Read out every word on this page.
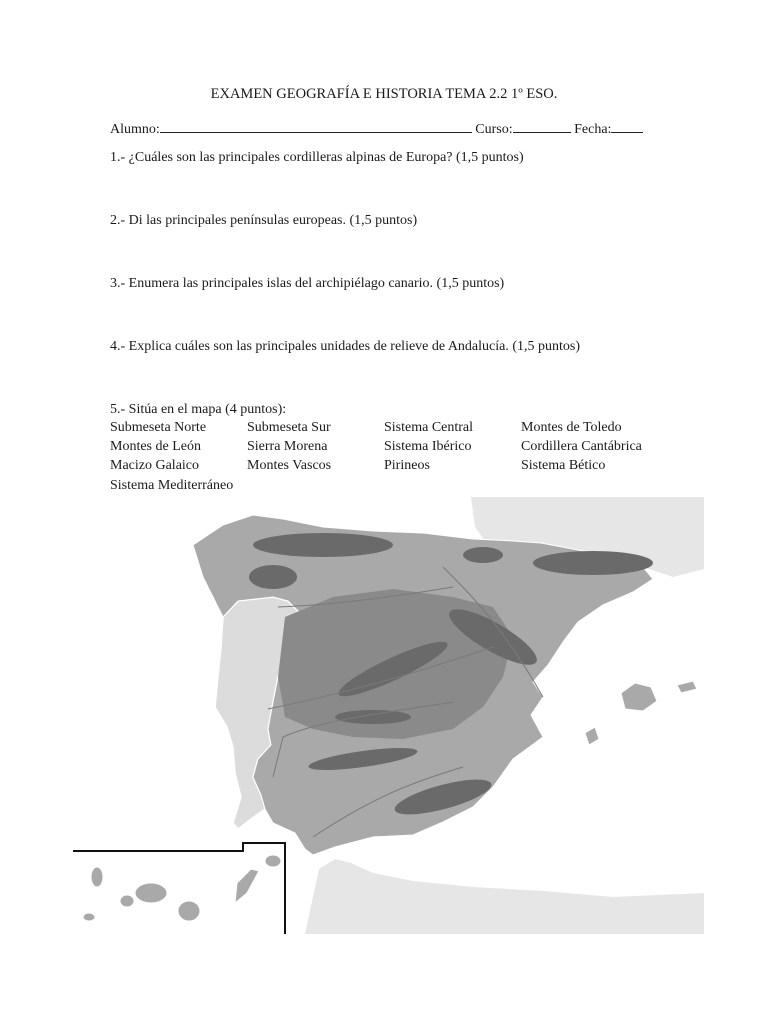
EXAMEN GEOGRAFÍA E HISTORIA TEMA 2.2 1º ESO.
Alumno:	Curso:	Fecha:
1.- ¿Cuáles son las principales cordilleras alpinas de Europa? (1,5 puntos)
2.- Di las principales penínsulas europeas. (1,5 puntos)
3.- Enumera las principales islas del archipiélago canario. (1,5 puntos)
4.- Explica cuáles son las principales unidades de relieve de Andalucía. (1,5 puntos)
5.- Sitúa en el mapa (4 puntos):
Submeseta Norte	Submeseta Sur	Sistema Central	Montes de Toledo
Montes de León	Sierra Morena	Sistema Ibérico	Cordillera Cantábrica
Macizo Galaico	Montes Vascos	Pirineos	Sistema Bético
Sistema Mediterráneo
